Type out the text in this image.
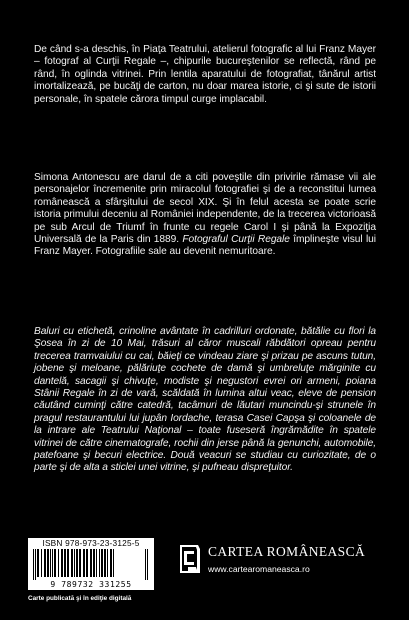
De când s-a deschis, în Piaţa Teatrului, atelierul fotografic al lui Franz Mayer – fotograf al Curţii Regale –, chipurile bucureştenilor se reflectă, rând pe rând, în oglinda vitrinei. Prin lentila aparatului de fotografiat, tânărul artist imortalizează, pe bucăţi de carton, nu doar marea istorie, ci şi sute de istorii personale, în spatele cărora timpul curge implacabil.

Simona Antonescu are darul de a citi poveştile din privirile rămase vii ale personajelor încremenite prin miracolul fotografiei şi de a reconstitui lumea românească a sfârşitului de secol XIX. Şi în felul acesta se poate scrie istoria primului deceniu al României independente, de la trecerea victorioasă pe sub Arcul de Triumf în frunte cu regele Carol I şi până la Expoziţia Universală de la Paris din 1889. Fotograful Curţii Regale împlineşte visul lui Franz Mayer. Fotografiile sale au devenit nemuritoare.

Baluri cu etichetă, crinoline avântate în cadrilluri ordonate, bătălie cu flori la Şosea în zi de 10 Mai, trăsuri al căror muscali răbdători opreau pentru trecerea tramvaiului cu cai, băieţi ce vindeau ziare şi prizau pe ascuns tutun, jobene şi meloane, pălăriuţe cochete de damă şi umbreluţe mărginite cu dantelă, sacagii şi chivuţe, modiste şi negustori evrei ori armeni, poiana Stânii Regale în zi de vară, scăldată în lumina altui veac, eleve de pension căutând cuminţi către catedră, tacâmuri de lăutari muncindu-şi strunele în pragul restaurantului lui jupân Iordache, terasa Casei Capşa şi coloanele de la intrare ale Teatrului Naţional – toate fuseseră îngrămădite în spatele vitrinei de către cinematografe, rochii din jerse până la genunchi, automobile, patefoane şi becuri electrice. Două veacuri se studiau cu curiozitate, de o parte şi de alta a sticlei unei vitrine, şi pufneau dispreţuitor.

ISBN 978-973-23-3125-5
9 789732 331255
Carte publicată şi în ediţie digitală
CARTEA ROMÂNEASCĂ
www.cartearomaneasca.ro
